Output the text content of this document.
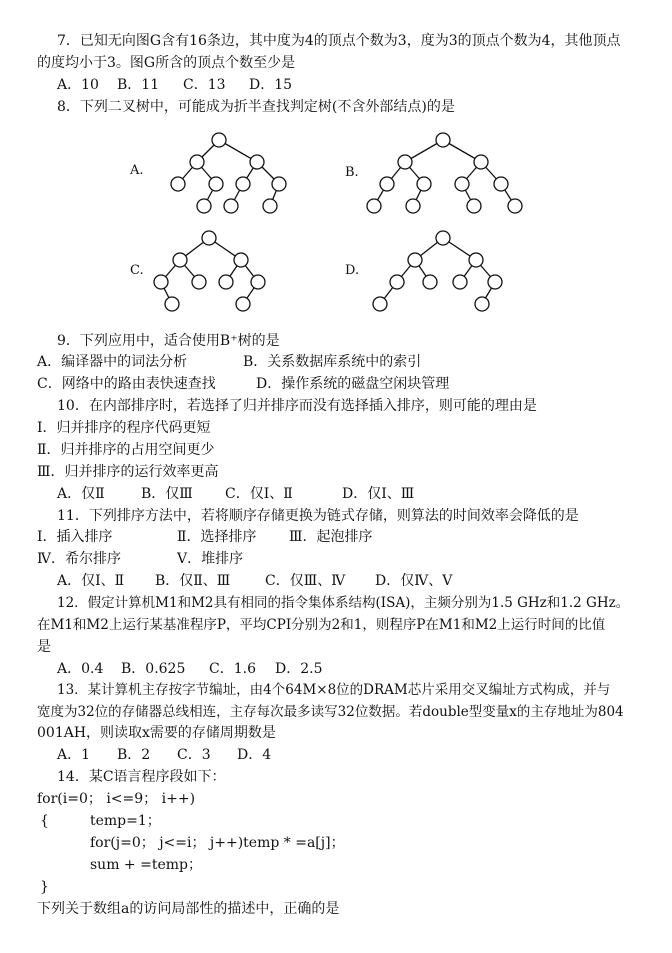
7．已知无向图G含有16条边，其中度为4的顶点个数为3，度为3的顶点个数为4，其他顶点
的度均小于3。图G所含的顶点个数至少是
A．10 B．11 C．13 D．15
8．下列二叉树中，可能成为折半查找判定树(不含外部结点)的是
A.	B.
C.	D.
9．下列应用中，适合使用B⁺树的是
A．编译器中的词法分析	B．关系数据库系统中的索引
C．网络中的路由表快速查找	D．操作系统的磁盘空闲块管理
10．在内部排序时，若选择了归并排序而没有选择插入排序，则可能的理由是
Ⅰ．归并排序的程序代码更短
Ⅱ．归并排序的占用空间更少
Ⅲ．归并排序的运行效率更高
A．仅Ⅱ	B．仅Ⅲ C．仅Ⅰ、Ⅱ	D．仅Ⅰ、Ⅲ
11．下列排序方法中，若将顺序存储更换为链式存储，则算法的时间效率会降低的是
Ⅰ．插入排序	Ⅱ．选择排序 Ⅲ．起泡排序
Ⅳ．希尔排序	Ⅴ．堆排序
A．仅Ⅰ、Ⅱ B．仅Ⅱ、Ⅲ C．仅Ⅲ、Ⅳ D．仅Ⅳ、Ⅴ
12．假定计算机M1和M2具有相同的指令集体系结构(ⅠSA)，主频分别为1.5 GHz和1.2 GHz。
在M1和M2上运行某基准程序P，平均CPⅠ分别为2和1，则程序P在M1和M2上运行时间的比值
是
A．0.4 B．0.625 C．1.6 D．2.5
13．某计算机主存按字节编址，由4个64M×8位的DRAM芯片采用交叉编址方式构成，并与
宽度为32位的存储器总线相连，主存每次最多读写32位数据。若double型变量x的主存地址为804
001AH，则读取x需要的存储周期数是
A．1 B．2 C．3 D．4
14．某C语言程序段如下：
for(i=0； i<=9； i++)
{	temp=1；
for(j=0； j<=i； j++)temp * =a[j]；
sum + =temp；
}
下列关于数组a的访问局部性的描述中，正确的是
